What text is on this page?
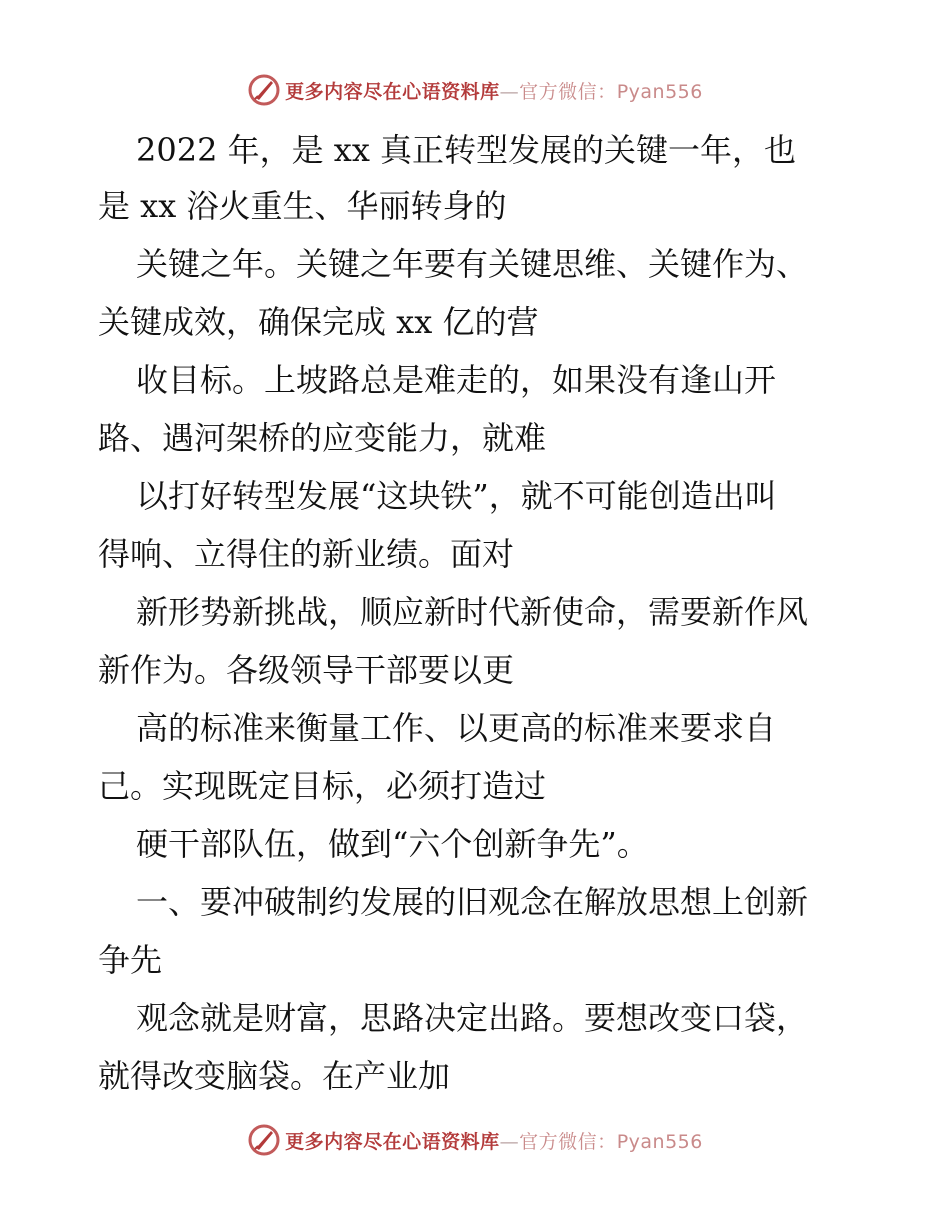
更多内容尽在心语资料库—官方微信：Pyan556
2022 年，是 xx 真正转型发展的关键一年，也
是 xx 浴火重生、华丽转身的
关键之年。关键之年要有关键思维、关键作为、
关键成效，确保完成 xx 亿的营
收目标。上坡路总是难走的，如果没有逢山开
路、遇河架桥的应变能力，就难
以打好转型发展“这块铁”，就不可能创造出叫
得响、立得住的新业绩。面对
新形势新挑战，顺应新时代新使命，需要新作风
新作为。各级领导干部要以更
高的标准来衡量工作、以更高的标准来要求自
己。实现既定目标，必须打造过
硬干部队伍，做到“六个创新争先”。
一、要冲破制约发展的旧观念在解放思想上创新
争先
观念就是财富，思路决定出路。要想改变口袋，
就得改变脑袋。在产业加
更多内容尽在心语资料库—官方微信：Pyan556
